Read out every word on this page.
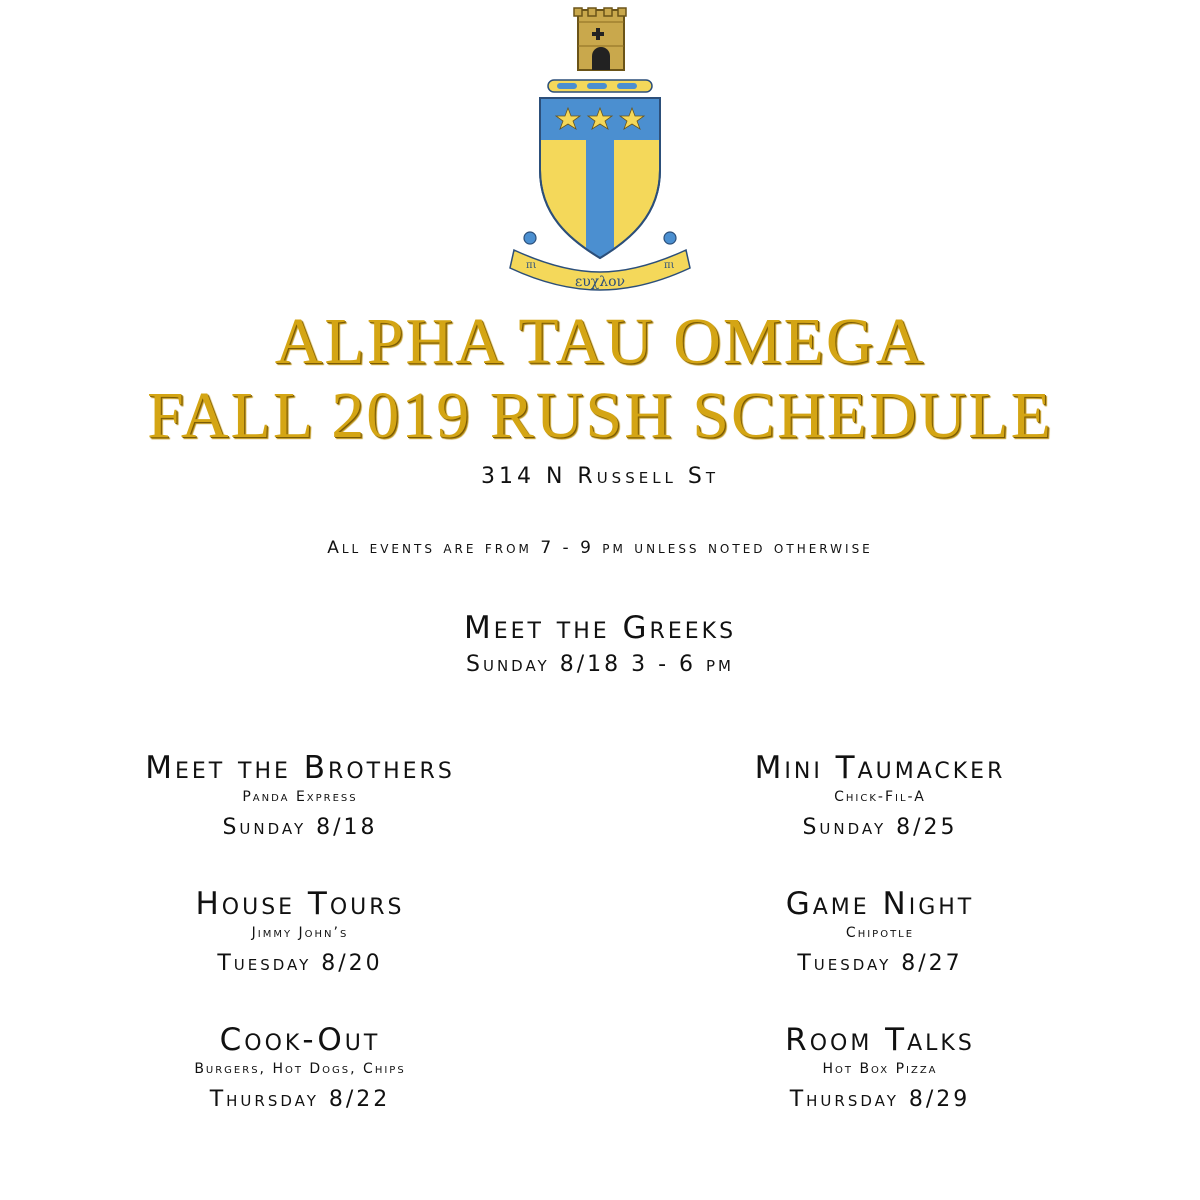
πι
ευχλον
πι
ALPHA TAU OMEGA
FALL 2019 RUSH SCHEDULE
314 N Russell St
All events are from 7 - 9 pm unless noted otherwise
Meet the Greeks
Sunday 8/18 3 - 6 pm
Meet the Brothers
Panda Express
Sunday 8/18
House Tours
Jimmy John’s
Tuesday 8/20
Cook-Out
Burgers, Hot Dogs, Chips
Thursday 8/22
Mini Taumacker
Chick-Fil-A
Sunday 8/25
Game Night
Chipotle
Tuesday 8/27
Room Talks
Hot Box Pizza
Thursday 8/29
